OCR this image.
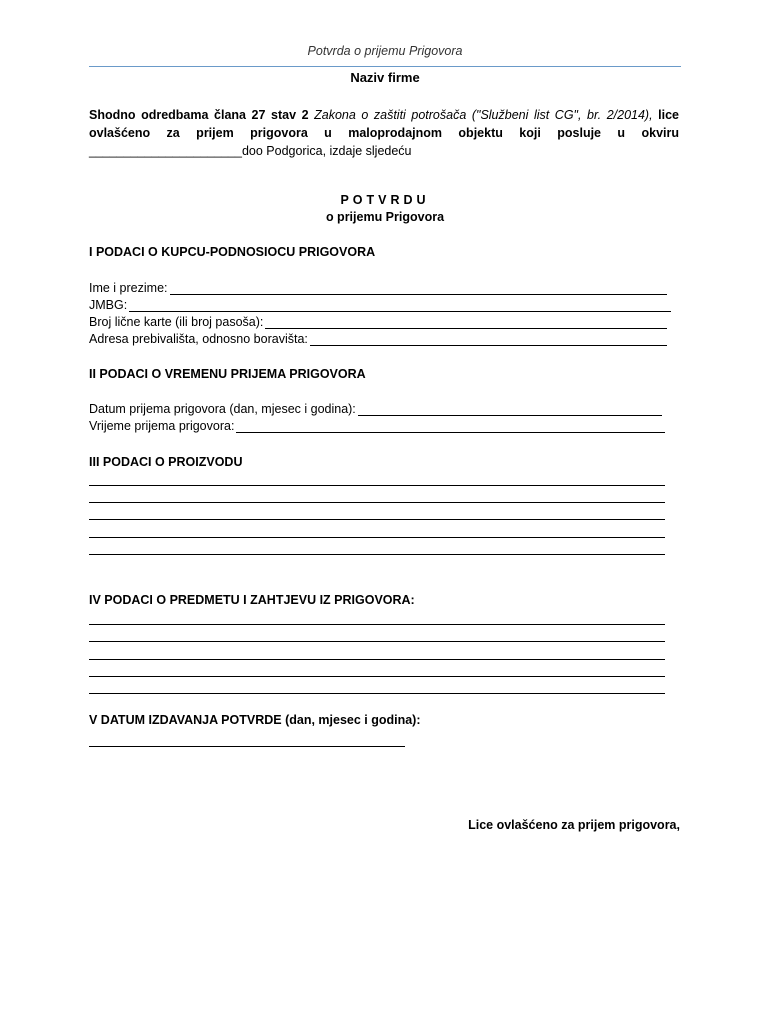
Potvrda o prijemu Prigovora
Naziv firme
Shodno odredbama člana 27 stav 2 Zakona o zaštiti potrošača ("Službeni list CG", br. 2/2014), lice ovlašćeno za prijem prigovora u maloprodajnom objektu koji posluje u okviru ______________________doo Podgorica, izdaje sljedeću
POTVRDU
o prijemu Prigovora
I PODACI O KUPCU-PODNOSIOCU PRIGOVORA
Ime i prezime:
JMBG:
Broj lične karte (ili broj pasoša):
Adresa prebivališta, odnosno boravišta:
II PODACI O VREMENU PRIJEMA PRIGOVORA
Datum prijema prigovora (dan, mjesec i godina):
Vrijeme prijema prigovora:
III PODACI O PROIZVODU
IV PODACI O PREDMETU I ZAHTJEVU IZ PRIGOVORA:
V DATUM IZDAVANJA POTVRDE (dan, mjesec i godina):
Lice ovlašćeno za prijem prigovora,
